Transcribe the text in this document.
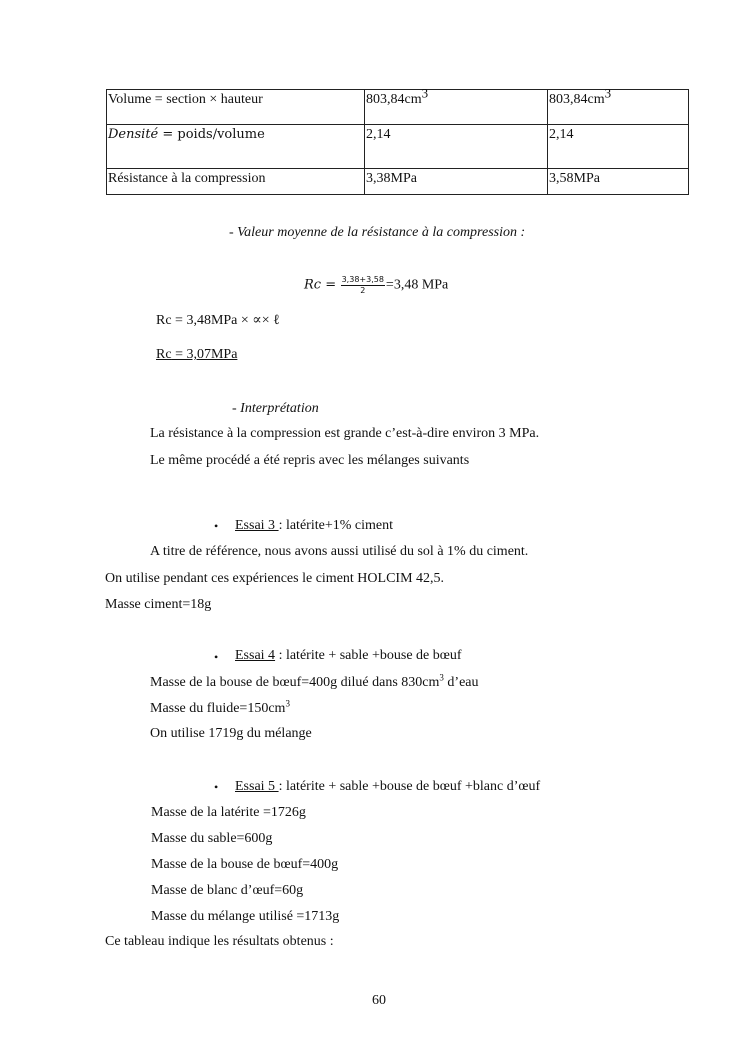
Volume = section × hauteur	$803,84cm^3$	$803,84cm^3$
Densité = poids/volume	2,14	2,14
Résistance à la compression	3,38MPa	3,58MPa
- Valeur moyenne de la résistance à la compression :
$Rc = \frac{3,38+3,58}{2} =3,48$ MPa
Rc = 3,48MPa × ∝× ℓ
Rc = 3,07MPa
- Interprétation
La résistance à la compression est grande c’est-à-dire environ 3 MPa.
Le même procédé a été repris avec les mélanges suivants
• Essai 3 : latérite+1% ciment
A titre de référence, nous avons aussi utilisé du sol à 1% du ciment.
On utilise pendant ces expériences le ciment HOLCIM 42,5.
Masse ciment=18g
• Essai 4 : latérite + sable +bouse de bœuf
Masse de la bouse de bœuf=400g dilué dans $830cm^3$ d’eau
Masse du $fluide=150cm^3$
On utilise 1719g du mélange
• Essai 5 : latérite + sable +bouse de bœuf +blanc d’œuf
Masse de la latérite =1726g
Masse du sable=600g
Masse de la bouse de bœuf=400g
Masse de blanc d’œuf=60g
Masse du mélange utilisé =1713g
Ce tableau indique les résultats obtenus :
60
